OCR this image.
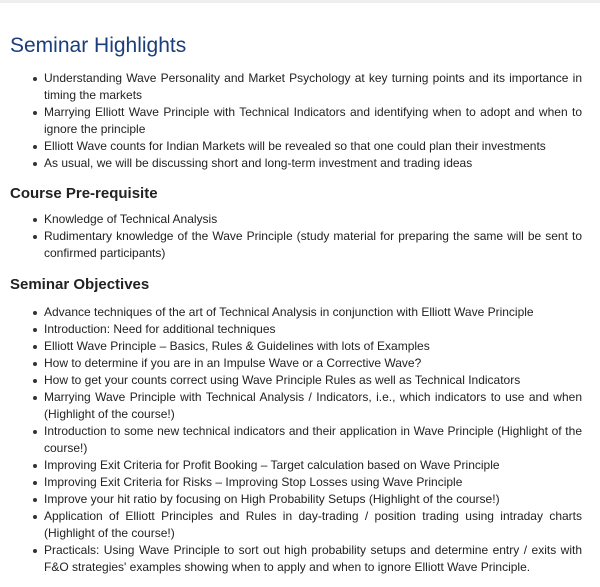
Seminar Highlights
Understanding Wave Personality and Market Psychology at key turning points and its importance in timing the markets
Marrying Elliott Wave Principle with Technical Indicators and identifying when to adopt and when to ignore the principle
Elliott Wave counts for Indian Markets will be revealed so that one could plan their investments
As usual, we will be discussing short and long-term investment and trading ideas
Course Pre-requisite
Knowledge of Technical Analysis
Rudimentary knowledge of the Wave Principle (study material for preparing the same will be sent to confirmed participants)
Seminar Objectives
Advance techniques of the art of Technical Analysis in conjunction with Elliott Wave Principle
Introduction: Need for additional techniques
Elliott Wave Principle – Basics, Rules & Guidelines with lots of Examples
How to determine if you are in an Impulse Wave or a Corrective Wave?
How to get your counts correct using Wave Principle Rules as well as Technical Indicators
Marrying Wave Principle with Technical Analysis / Indicators, i.e., which indicators to use and when (Highlight of the course!)
Introduction to some new technical indicators and their application in Wave Principle (Highlight of the course!)
Improving Exit Criteria for Profit Booking – Target calculation based on Wave Principle
Improving Exit Criteria for Risks – Improving Stop Losses using Wave Principle
Improve your hit ratio by focusing on High Probability Setups (Highlight of the course!)
Application of Elliott Principles and Rules in day-trading / position trading using intraday charts (Highlight of the course!)
Practicals: Using Wave Principle to sort out high probability setups and determine entry / exits with F&O strategies' examples showing when to apply and when to ignore Elliott Wave Principle.
